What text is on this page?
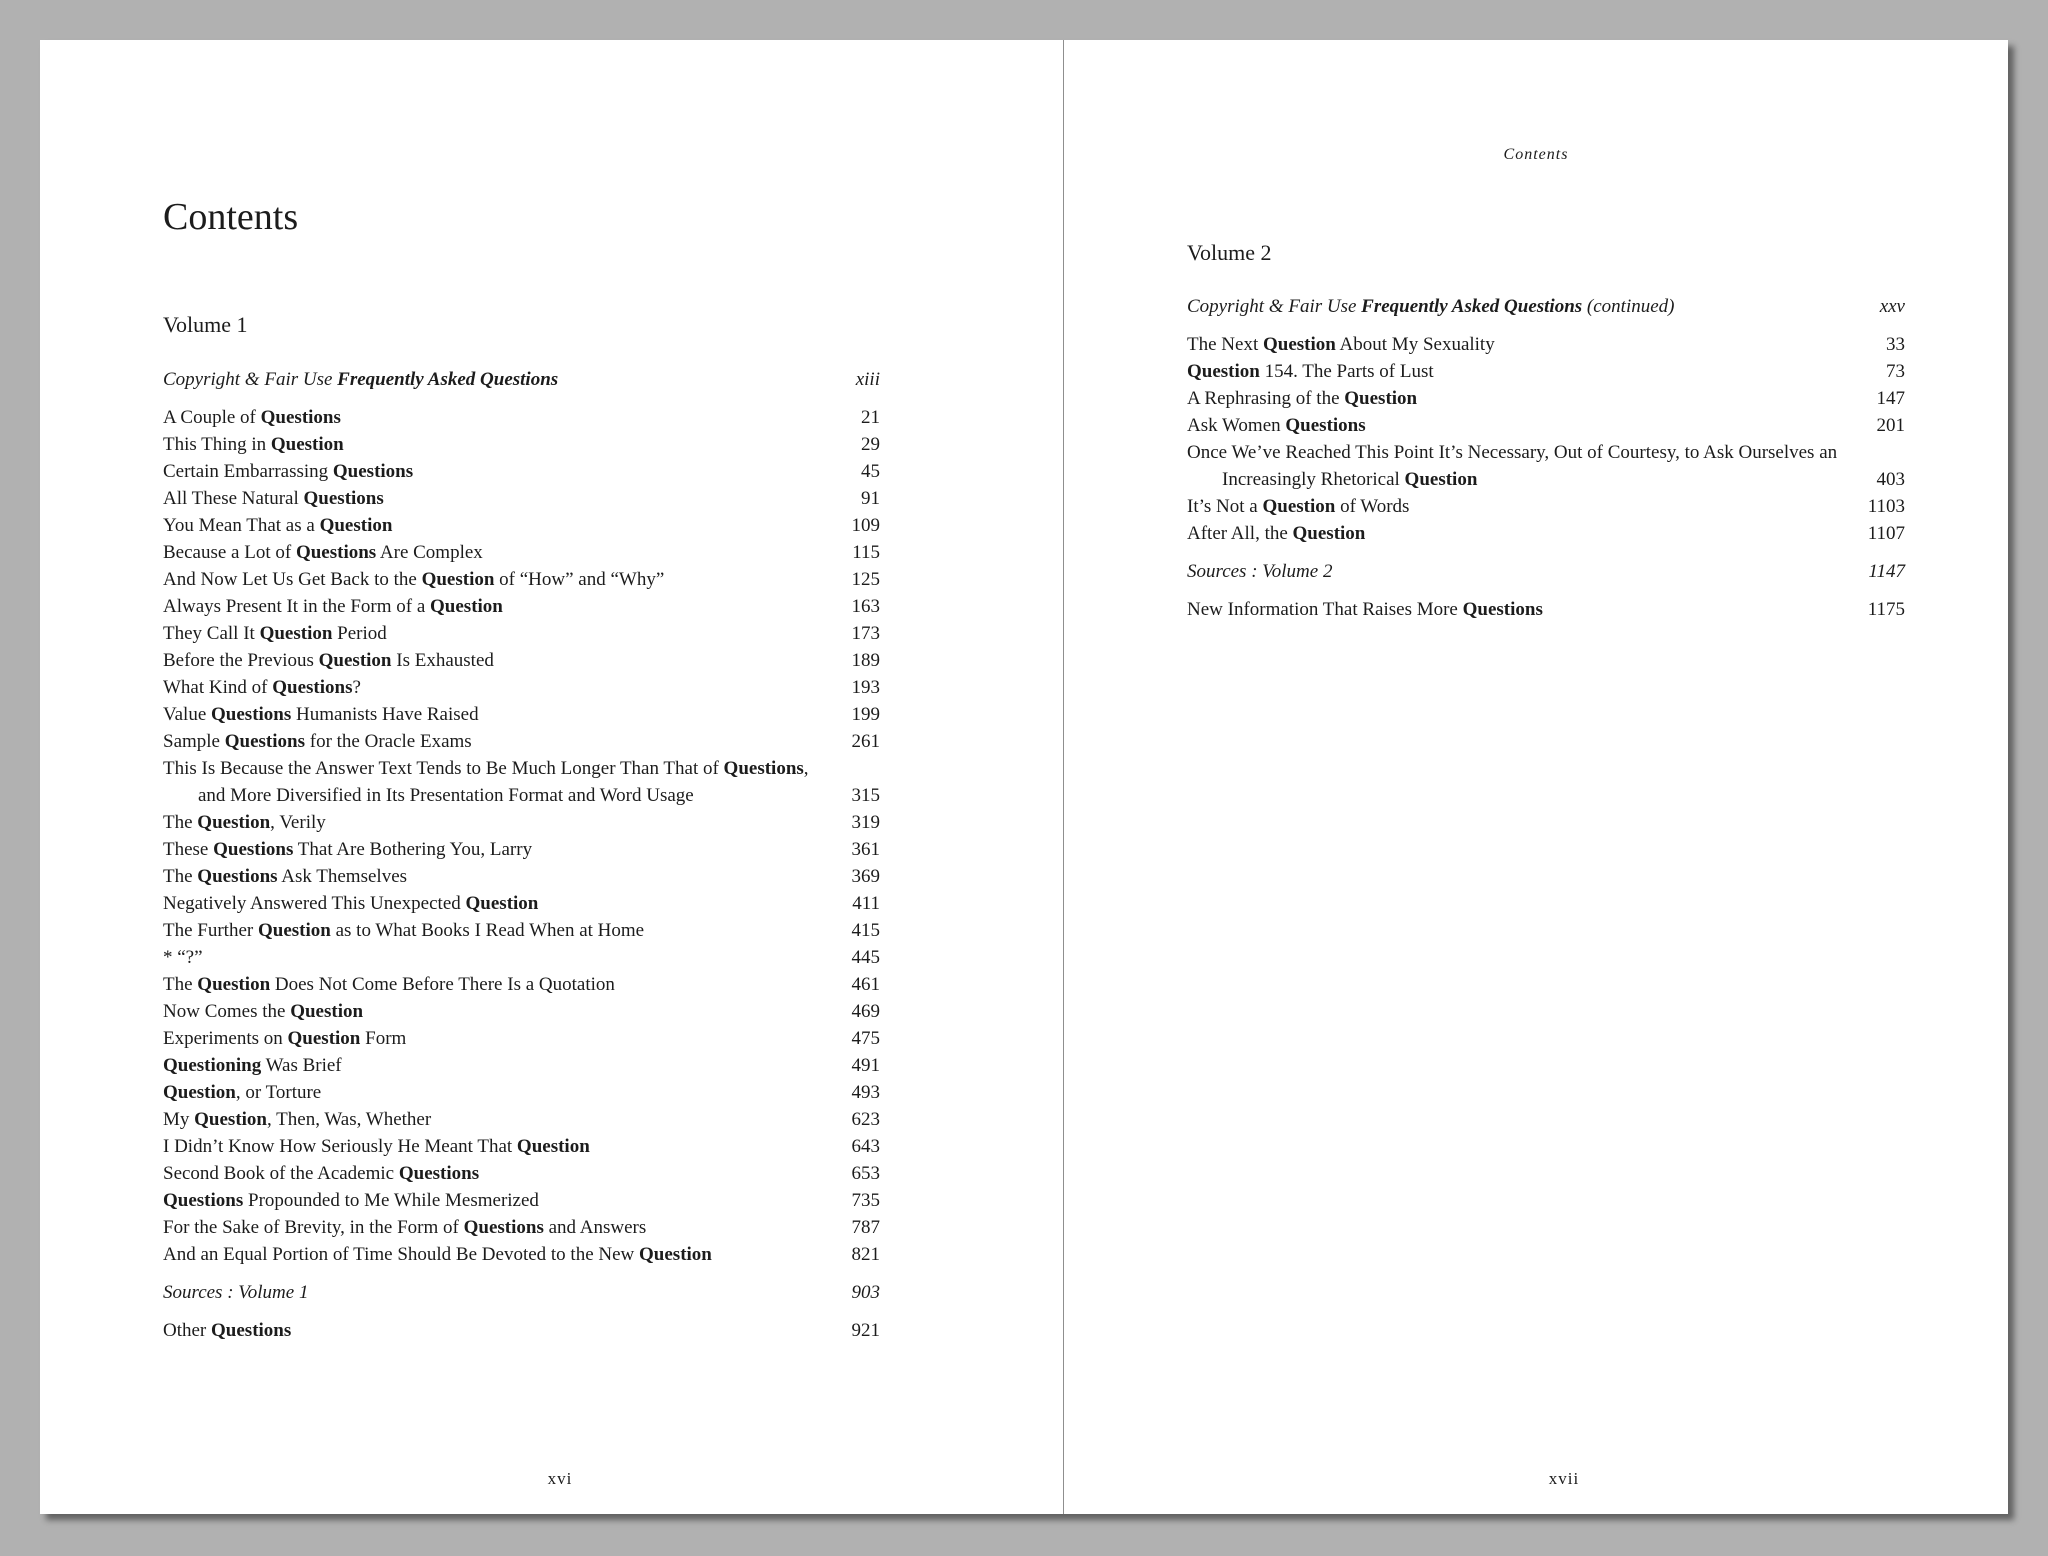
Contents
Volume 1
Copyright & Fair Use Frequently Asked Questions	xiii
A Couple of Questions	21
This Thing in Question	29
Certain Embarrassing Questions	45
All These Natural Questions	91
You Mean That as a Question	109
Because a Lot of Questions Are Complex	115
And Now Let Us Get Back to the Question of “How” and “Why”	125
Always Present It in the Form of a Question	163
They Call It Question Period	173
Before the Previous Question Is Exhausted	189
What Kind of Questions?	193
Value Questions Humanists Have Raised	199
Sample Questions for the Oracle Exams	261
This Is Because the Answer Text Tends to Be Much Longer Than That of Questions, and More Diversified in Its Presentation Format and Word Usage	315
The Question, Verily	319
These Questions That Are Bothering You, Larry	361
The Questions Ask Themselves	369
Negatively Answered This Unexpected Question	411
The Further Question as to What Books I Read When at Home	415
* “?”	445
The Question Does Not Come Before There Is a Quotation	461
Now Comes the Question	469
Experiments on Question Form	475
Questioning Was Brief	491
Question, or Torture	493
My Question, Then, Was, Whether	623
I Didn’t Know How Seriously He Meant That Question	643
Second Book of the Academic Questions	653
Questions Propounded to Me While Mesmerized	735
For the Sake of Brevity, in the Form of Questions and Answers	787
And an Equal Portion of Time Should Be Devoted to the New Question	821
Sources : Volume 1	903
Other Questions	921
xvi
Contents
Volume 2
Copyright & Fair Use Frequently Asked Questions (continued)	xxv
The Next Question About My Sexuality	33
Question 154. The Parts of Lust	73
A Rephrasing of the Question	147
Ask Women Questions	201
Once We’ve Reached This Point It’s Necessary, Out of Courtesy, to Ask Ourselves an Increasingly Rhetorical Question	403
It’s Not a Question of Words	1103
After All, the Question	1107
Sources : Volume 2	1147
New Information That Raises More Questions	1175
xvii
